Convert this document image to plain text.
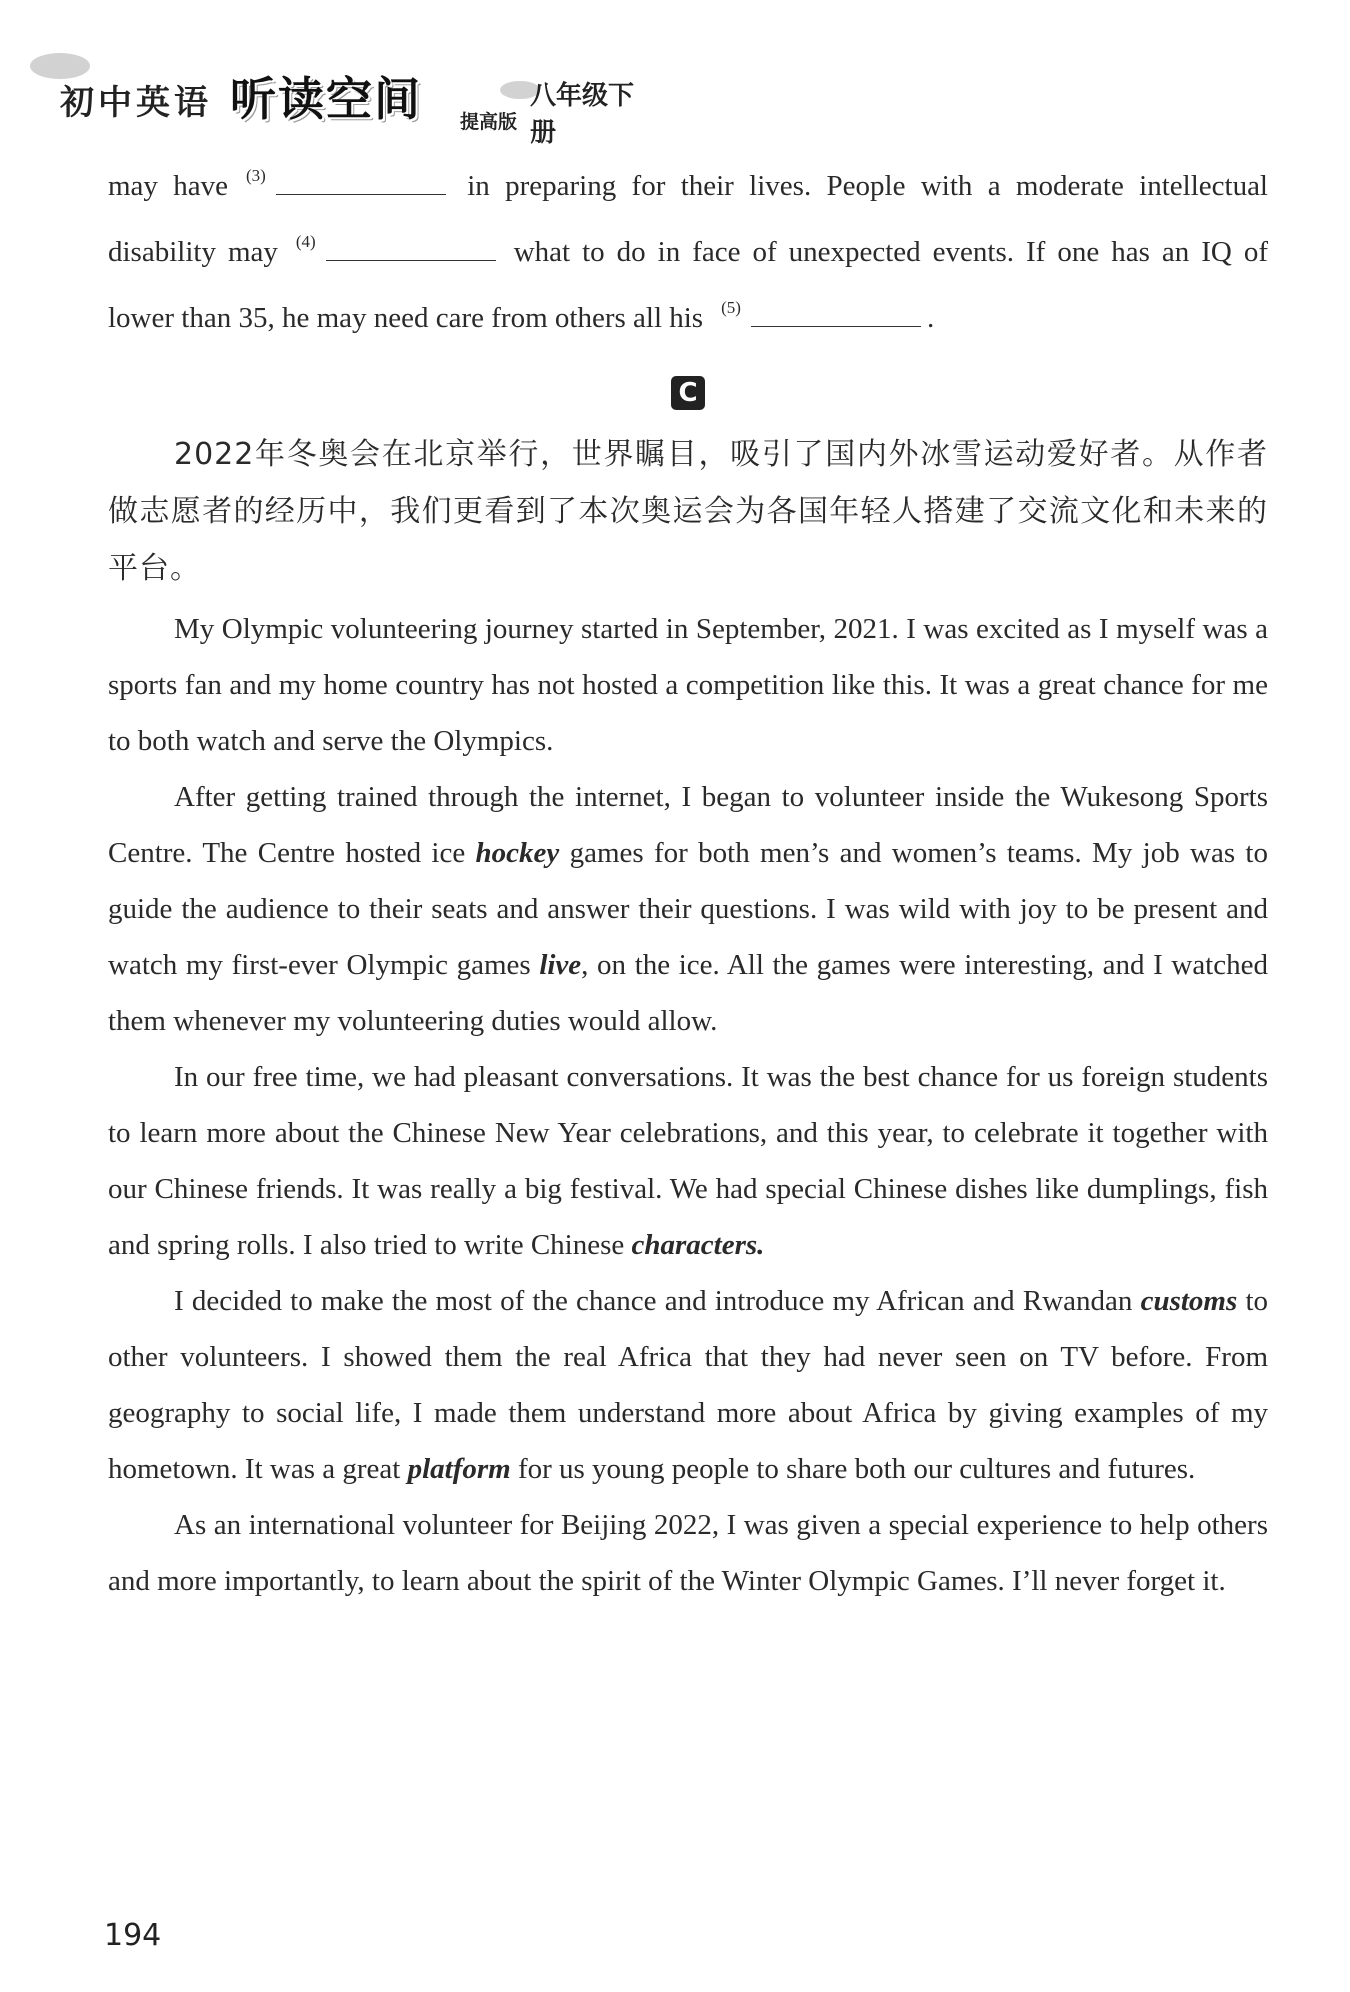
初中英语 听读空间 提高版
八年级下册

may have $^{(3)}$	in preparing for their lives. People with a moderate intellectual disability may $^{(4)}$	what to do in face of unexpected events. If one has an IQ of lower than 35, he may need care from others all his $^{(5)}$	.

C

2022年冬奥会在北京举行，世界瞩目，吸引了国内外冰雪运动爱好者。从作者做志愿者的经历中，我们更看到了本次奥运会为各国年轻人搭建了交流文化和未来的平台。

My Olympic volunteering journey started in September, 2021. I was excited as I myself was a sports fan and my home country has not hosted a competition like this. It was a great chance for me to both watch and serve the Olympics.

After getting trained through the internet, I began to volunteer inside the Wukesong Sports Centre. The Centre hosted ice hockey games for both men’s and women’s teams. My job was to guide the audience to their seats and answer their questions. I was wild with joy to be present and watch my first-ever Olympic games live, on the ice. All the games were interesting, and I watched them whenever my volunteering duties would allow.

In our free time, we had pleasant conversations. It was the best chance for us foreign students to learn more about the Chinese New Year celebrations, and this year, to celebrate it together with our Chinese friends. It was really a big festival. We had special Chinese dishes like dumplings, fish and spring rolls. I also tried to write Chinese characters.

I decided to make the most of the chance and introduce my African and Rwandan customs to other volunteers. I showed them the real Africa that they had never seen on TV before. From geography to social life, I made them understand more about Africa by giving examples of my hometown. It was a great platform for us young people to share both our cultures and futures.

As an international volunteer for Beijing 2022, I was given a special experience to help others and more importantly, to learn about the spirit of the Winter Olympic Games. I’ll never forget it.

194
